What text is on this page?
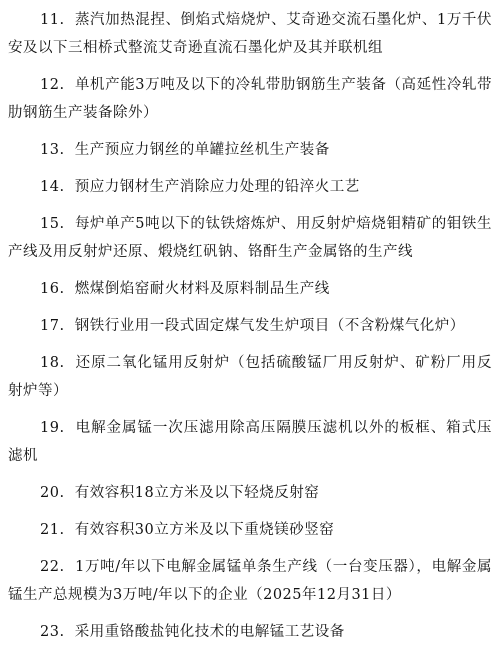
11. 蒸汽加热混捏、倒焰式焙烧炉、艾奇逊交流石墨化炉、1万千伏安及以下三相桥式整流艾奇逊直流石墨化炉及其并联机组

12. 单机产能3万吨及以下的冷轧带肋钢筋生产装备（高延性冷轧带肋钢筋生产装备除外）

13. 生产预应力钢丝的单罐拉丝机生产装备

14. 预应力钢材生产消除应力处理的铅淬火工艺

15. 每炉单产5吨以下的钛铁熔炼炉、用反射炉焙烧钼精矿的钼铁生产线及用反射炉还原、煅烧红矾钠、铬酐生产金属铬的生产线

16. 燃煤倒焰窑耐火材料及原料制品生产线

17. 钢铁行业用一段式固定煤气发生炉项目（不含粉煤气化炉）

18. 还原二氧化锰用反射炉（包括硫酸锰厂用反射炉、矿粉厂用反射炉等）

19. 电解金属锰一次压滤用除高压隔膜压滤机以外的板框、箱式压滤机

20. 有效容积18立方米及以下轻烧反射窑

21. 有效容积30立方米及以下重烧镁砂竖窑

22. 1万吨/年以下电解金属锰单条生产线（一台变压器），电解金属锰生产总规模为3万吨/年以下的企业（2025年12月31日）

23. 采用重铬酸盐钝化技术的电解锰工艺设备
